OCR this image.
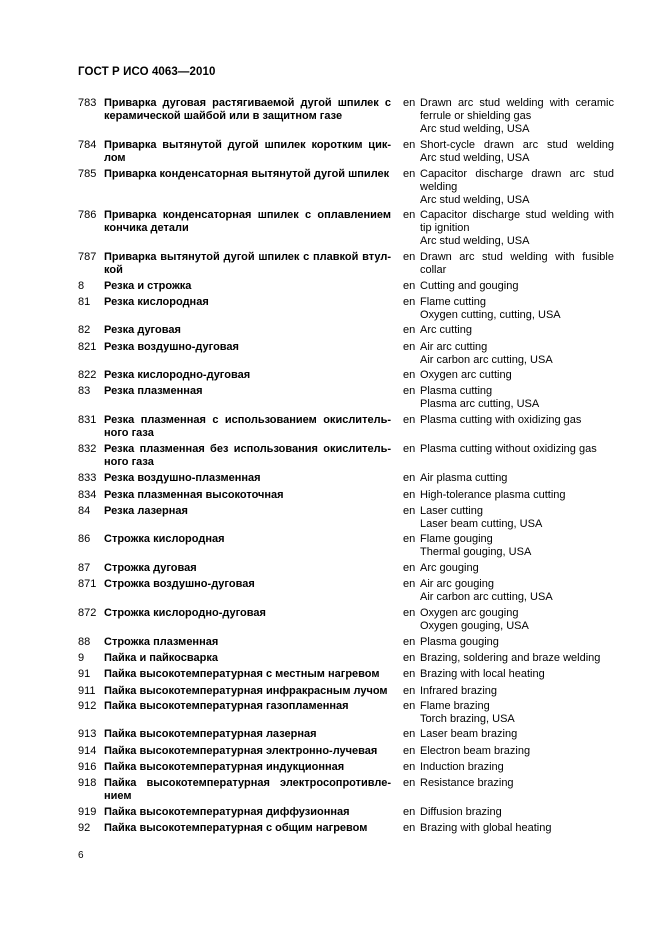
ГОСТ Р ИСО 4063—2010
783 Приварка дуговая растягиваемой дугой шпилек с
керамической шайбой или в защитном газе
en Drawn arc stud welding with ceramic
ferrule or shielding gas
Arc stud welding, USA
784 Приварка вытянутой дугой шпилек коротким цик-
лом
en Short-cycle drawn arc stud welding
Arc stud welding, USA
785 Приварка конденсаторная вытянутой дугой шпилек en Capacitor discharge drawn arc stud
welding
Arc stud welding, USA
786 Приварка конденсаторная шпилек с оплавлением
кончика детали
en Capacitor discharge stud welding with
tip ignition
Arc stud welding, USA
787 Приварка вытянутой дугой шпилек с плавкой втул-
кой
en Drawn arc stud welding with fusible
collar
8	Резка и строжка	en Cutting and gouging
81	Резка кислородная	en Flame cutting
Oxygen cutting, cutting, USA
82	Резка дуговая	en Arc cutting
821 Резка воздушно-дуговая	en Air arc cutting
Air carbon arc cutting, USA
822 Резка кислородно-дуговая	en Oxygen arc cutting
83	Резка плазменная	en Plasma cutting
Plasma arc cutting, USA
831 Резка плазменная с использованием окислитель-
ного газа
en Plasma cutting with oxidizing gas
832 Резка плазменная без использования окислитель-
ного газа
en Plasma cutting without oxidizing gas
833 Резка воздушно-плазменная	en Air plasma cutting
834 Резка плазменная высокоточная	en High-tolerance plasma cutting
84	Резка лазерная	en Laser cutting
Laser beam cutting, USA
86	Строжка кислородная	en Flame gouging
Thermal gouging, USA
87	Строжка дуговая	en Arc gouging
871 Строжка воздушно-дуговая	en Air arc gouging
Air carbon arc cutting, USA
872 Строжка кислородно-дуговая	en Oxygen arc gouging
Oxygen gouging, USA
88	Строжка плазменная	en Plasma gouging
9	Пайка и пайкосварка	en Brazing, soldering and braze welding
91	Пайка высокотемпературная с местным нагревом	en Brazing with local heating
911 Пайка высокотемпературная инфракрасным лучом	en Infrared brazing
912 Пайка высокотемпературная газопламенная	en Flame brazing
Torch brazing, USA
913 Пайка высокотемпературная лазерная	en Laser beam brazing
914 Пайка высокотемпературная электронно-лучевая	en Electron beam brazing
916 Пайка высокотемпературная индукционная	en Induction brazing
918 Пайка высокотемпературная электросопротивле-
нием
en Resistance brazing
919 Пайка высокотемпературная диффузионная	en Diffusion brazing
92	Пайка высокотемпературная с общим нагревом	en Brazing with global heating
6
